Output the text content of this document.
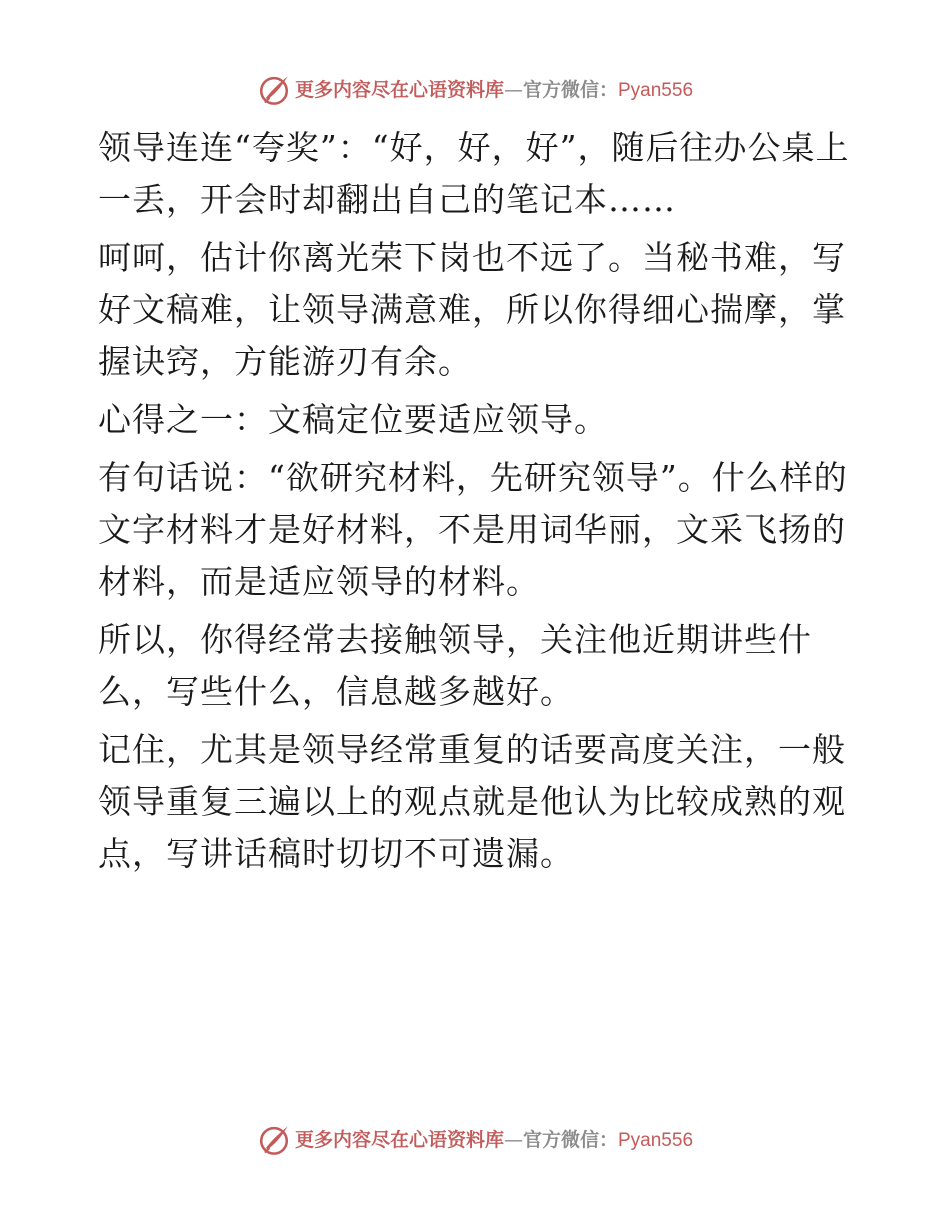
更多内容尽在心语资料库 — 官方微信： Pyan556

领导连连“夸奖”：“好，好，好”，随后往办公桌上一丢，开会时却翻出自己的笔记本……

呵呵，估计你离光荣下岗也不远了。当秘书难，写好文稿难，让领导满意难，所以你得细心揣摩，掌握诀窍，方能游刃有余。

心得之一：文稿定位要适应领导。

有句话说：“欲研究材料，先研究领导”。什么样的文字材料才是好材料，不是用词华丽，文采飞扬的材料，而是适应领导的材料。

所以，你得经常去接触领导，关注他近期讲些什么，写些什么，信息越多越好。

记住，尤其是领导经常重复的话要高度关注，一般领导重复三遍以上的观点就是他认为比较成熟的观点，写讲话稿时切切不可遗漏。

更多内容尽在心语资料库 — 官方微信： Pyan556
